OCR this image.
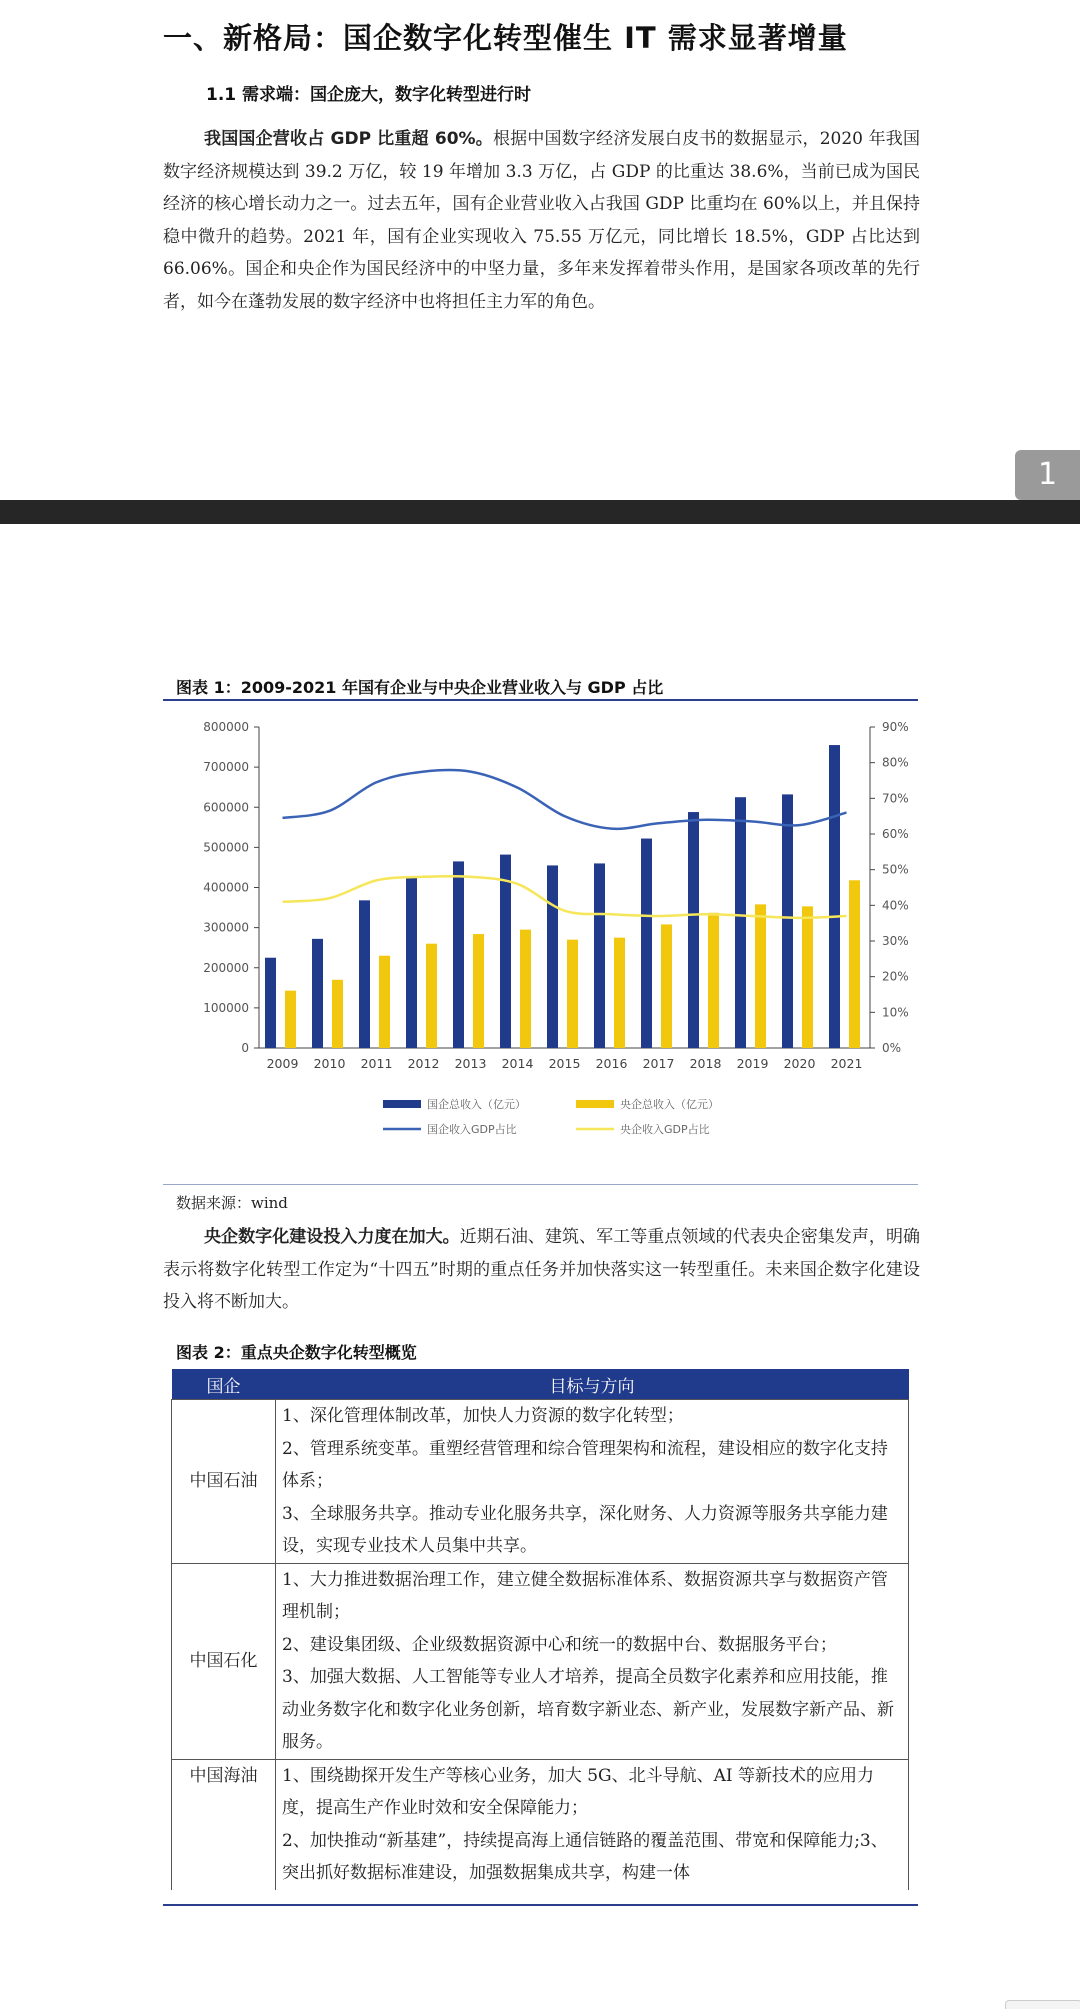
一、新格局：国企数字化转型催生 IT 需求显著增量
1.1 需求端：国企庞大，数字化转型进行时
我国国企营收占 GDP 比重超 60%。根据中国数字经济发展白皮书的数据显示，2020 年我国数字经济规模达到 39.2 万亿，较 19 年增加 3.3 万亿，占 GDP 的比重达 38.6%，当前已成为国民经济的核心增长动力之一。过去五年，国有企业营业收入占我国 GDP 比重均在 60%以上，并且保持稳中微升的趋势。2021 年，国有企业实现收入 75.55 万亿元，同比增长 18.5%，GDP 占比达到 66.06%。国企和央企作为国民经济中的中坚力量，多年来发挥着带头作用，是国家各项改革的先行者，如今在蓬勃发展的数字经济中也将担任主力军的角色。
1
图表 1：2009-2021 年国有企业与中央企业营业收入与 GDP 占比
0
100000
200000
300000
400000
500000
600000
700000
800000
0%
10%
20%
30%
40%
50%
60%
70%
80%
90%
2009 2010 2011 2012 2013 2014 2015 2016 2017 2018 2019 2020 2021
国企总收入（亿元）	央企总收入（亿元）
国企收入GDP占比	央企收入GDP占比
数据来源：wind
央企数字化建设投入力度在加大。近期石油、建筑、军工等重点领域的代表央企密集发声，明确表示将数字化转型工作定为“十四五”时期的重点任务并加快落实这一转型重任。未来国企数字化建设投入将不断加大。
图表 2：重点央企数字化转型概览
国企	目标与方向
中国石油	1、深化管理体制改革，加快人力资源的数字化转型；
2、管理系统变革。重塑经营管理和综合管理架构和流程，建设相应的数字化支持体系；
3、全球服务共享。推动专业化服务共享，深化财务、人力资源等服务共享能力建设，实现专业技术人员集中共享。

中国石化	1、大力推进数据治理工作，建立健全数据标准体系、数据资源共享与数据资产管理机制；
2、建设集团级、企业级数据资源中心和统一的数据中台、数据服务平台；
3、加强大数据、人工智能等专业人才培养，提高全员数字化素养和应用技能，推动业务数字化和数字化业务创新，培育数字新业态、新产业，发展数字新产品、新服务。

中国海油	1、围绕勘探开发生产等核心业务，加大 5G、北斗导航、AI 等新技术的应用力度，提高生产作业时效和安全保障能力；
2、加快推动“新基建”，持续提高海上通信链路的覆盖范围、带宽和保障能力;3、突出抓好数据标准建设，加强数据集成共享，构建一体
